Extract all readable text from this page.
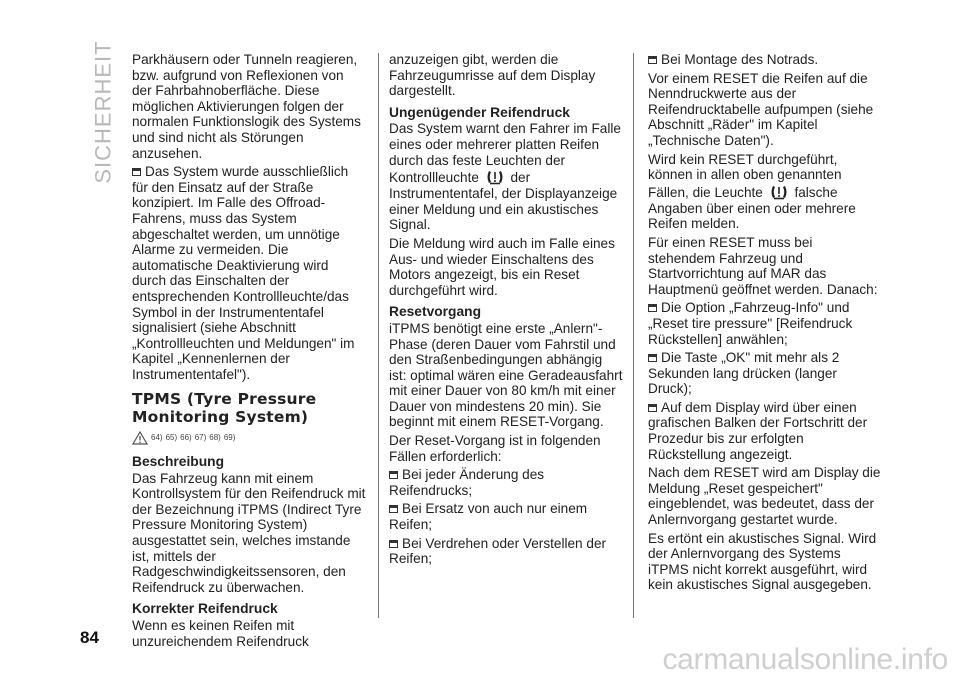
SICHERHEIT Parkhäusern oder Tunneln reagieren, bzw. aufgrund von Reflexionen von der Fahrbahnoberfläche. Diese möglichen Aktivierungen folgen der normalen Funktionslogik des Systems und sind nicht als Störungen anzusehen.

Das System wurde ausschließlich für den Einsatz auf der Straße konzipiert. Im Falle des Offroad-Fahrens, muss das System abgeschaltet werden, um unnötige Alarme zu vermeiden. Die automatische Deaktivierung wird durch das Einschalten der entsprechenden Kontrollleuchte/das Symbol in der Instrumententafel signalisiert (siehe Abschnitt „Kontrollleuchten und Meldungen" im Kapitel „Kennenlernen der Instrumententafel").

TPMS (Tyre Pressure Monitoring System)
64) 65) 66) 67) 68) 69)
Beschreibung

Das Fahrzeug kann mit einem Kontrollsystem für den Reifendruck mit der Bezeichnung iTPMS (Indirect Tyre Pressure Monitoring System) ausgestattet sein, welches imstande ist, mittels der Radgeschwindigkeitssensoren, den Reifendruck zu überwachen.

Korrekter Reifendruck

Wenn es keinen Reifen mit unzureichendem Reifendruck

anzuzeigen gibt, werden die Fahrzeugumrisse auf dem Display dargestellt.

Ungenügender Reifendruck

Das System warnt den Fahrer im Falle eines oder mehrerer platten Reifen durch das feste Leuchten der Kontrollleuchte der Instrumententafel, der Displayanzeige einer Meldung und ein akustisches Signal.

Die Meldung wird auch im Falle eines Aus- und wieder Einschaltens des Motors angezeigt, bis ein Reset durchgeführt wird.

Resetvorgang

iTPMS benötigt eine erste „Anlern"-Phase (deren Dauer vom Fahrstil und den Straßenbedingungen abhängig ist: optimal wären eine Geradeausfahrt mit einer Dauer von 80 km/h mit einer Dauer von mindestens 20 min). Sie beginnt mit einem RESET-Vorgang.

Der Reset-Vorgang ist in folgenden Fällen erforderlich:

Bei jeder Änderung des Reifendrucks;

Bei Ersatz von auch nur einem Reifen;

Bei Verdrehen oder Verstellen der Reifen;

Bei Montage des Notrads.

Vor einem RESET die Reifen auf die Nenndruckwerte aus der Reifendrucktabelle aufpumpen (siehe Abschnitt „Räder" im Kapitel „Technische Daten").

Wird kein RESET durchgeführt, können in allen oben genannten Fällen, die Leuchte falsche Angaben über einen oder mehrere Reifen melden.

Für einen RESET muss bei stehendem Fahrzeug und Startvorrichtung auf MAR das Hauptmenü geöffnet werden. Danach:

Die Option „Fahrzeug-Info" und „Reset tire pressure" [Reifendruck Rückstellen] anwählen;

Die Taste „OK" mit mehr als 2 Sekunden lang drücken (langer Druck);

Auf dem Display wird über einen grafischen Balken der Fortschritt der Prozedur bis zur erfolgten Rückstellung angezeigt.

Nach dem RESET wird am Display die Meldung „Reset gespeichert" eingeblendet, was bedeutet, dass der Anlernvorgang gestartet wurde.

Es ertönt ein akustisches Signal. Wird der Anlernvorgang des Systems iTPMS nicht korrekt ausgeführt, wird kein akustisches Signal ausgegeben.

84
carmanualsonline.info
